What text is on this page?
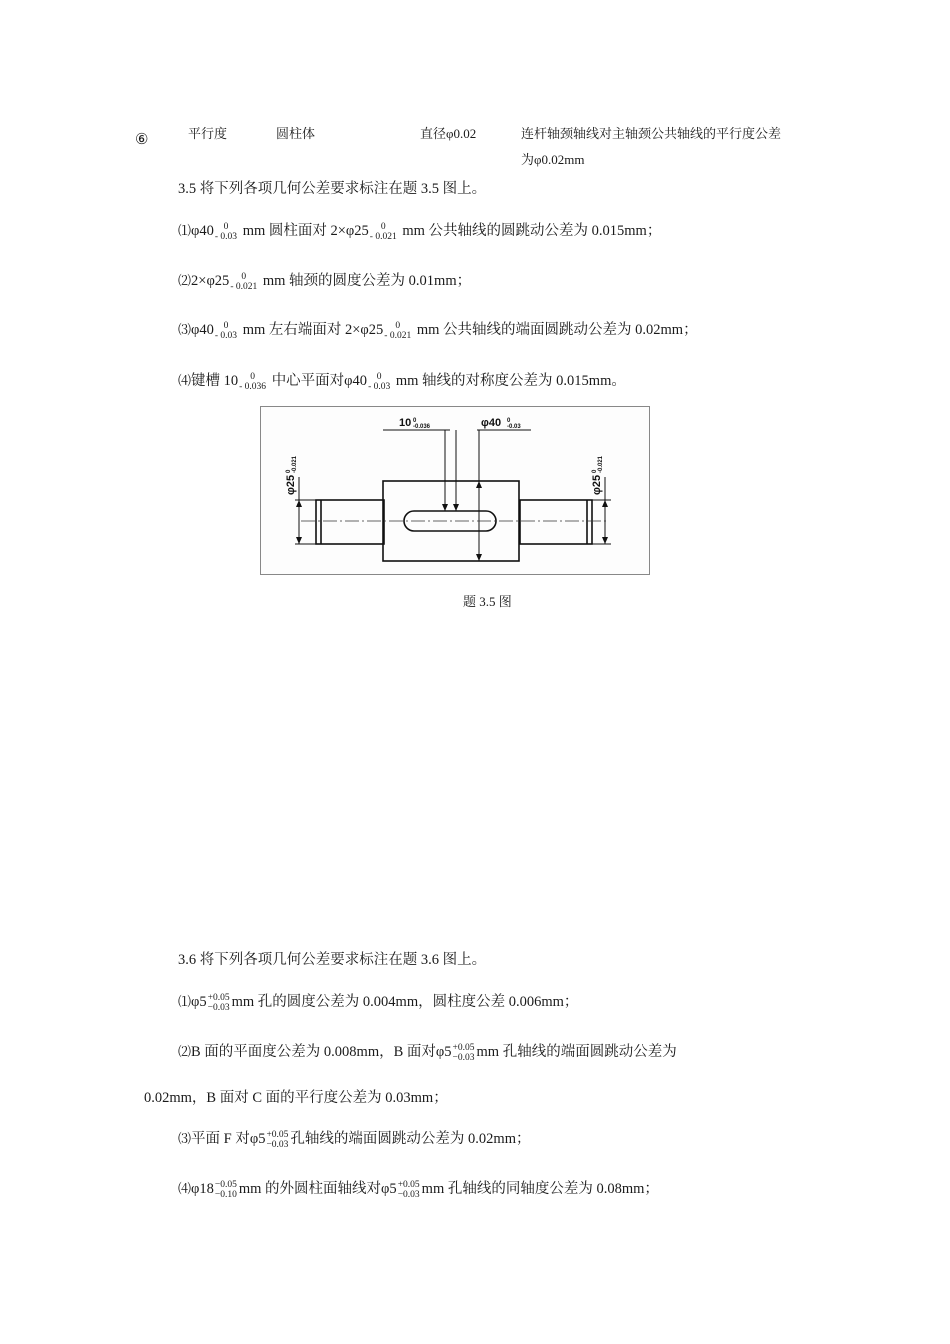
⑥	平行度	圆柱体	直径φ0.02	连杆轴颈轴线对主轴颈公共轴线的平行度公差
为φ0.02mm
3.5 将下列各项几何公差要求标注在题 3.5 图上。
⑴φ40	0
- 0.03 mm 圆柱面对 2×φ25	0
- 0.021 mm 公共轴线的圆跳动公差为 0.015mm；
⑵2×φ25	0
- 0.021 mm 轴颈的圆度公差为 0.01mm；
⑶φ40	0
- 0.03 mm 左右端面对 2×φ25	0
- 0.021 mm 公共轴线的端面圆跳动公差为 0.02mm；
⑷键槽 10	0
- 0.036 中心平面对φ40	0
- 0.03 mm 轴线的对称度公差为 0.015mm。
10 0
-0.036	φ40 0
-0.03
φ25
0 -0.021
φ25
0 -0.021
题 3.5 图
3.6 将下列各项几何公差要求标注在题 3.6 图上。
⑴φ5 +0.05
−0.03 mm 孔的圆度公差为 0.004mm，圆柱度公差 0.006mm；
⑵B 面的平面度公差为 0.008mm，B 面对φ5 +0.05
−0.03 mm 孔轴线的端面圆跳动公差为
0.02mm，B 面对 C 面的平行度公差为 0.03mm；
⑶平面 F 对φ5 +0.05
−0.03 孔轴线的端面圆跳动公差为 0.02mm；
⑷φ18 −0.05
−0.10 mm 的外圆柱面轴线对φ5 +0.05
−0.03 mm 孔轴线的同轴度公差为 0.08mm；
